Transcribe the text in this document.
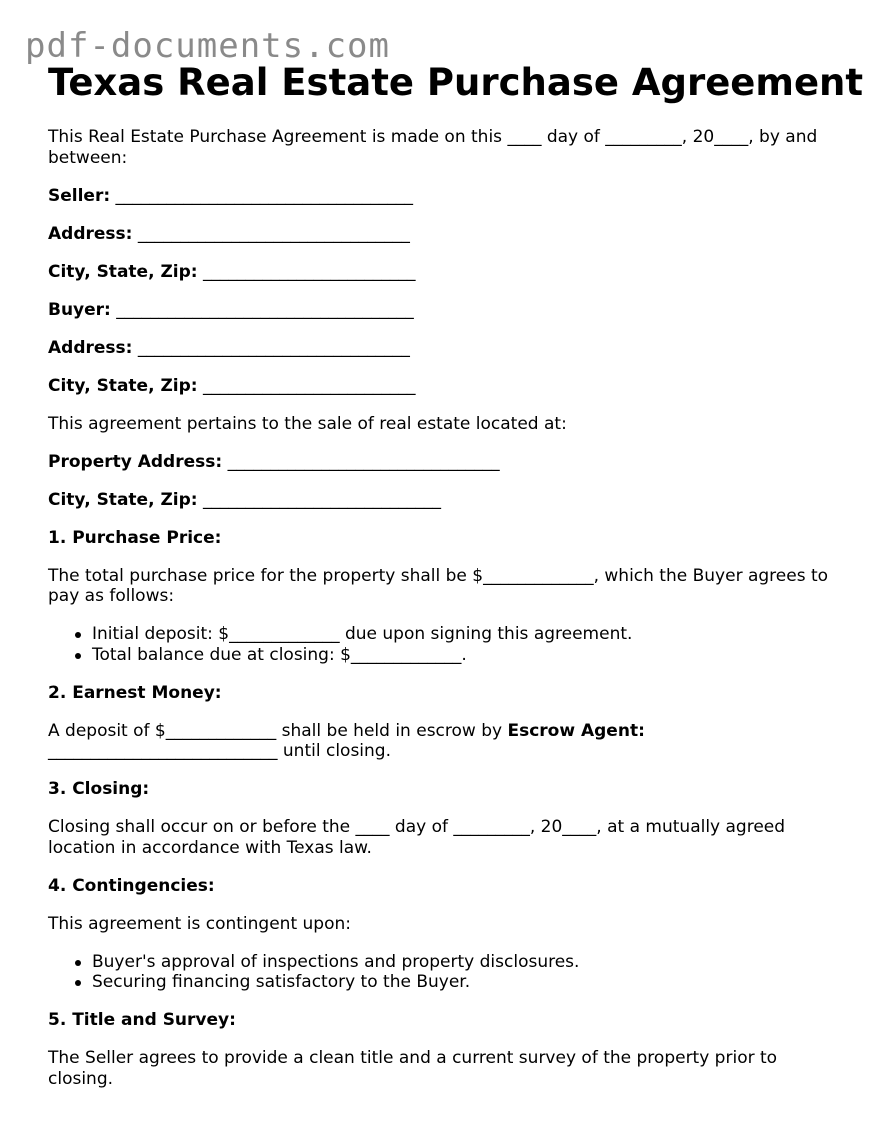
pdf-documents.com
Texas Real Estate Purchase Agreement

This Real Estate Purchase Agreement is made on this ____ day of _________, 20____, by and between:

Seller: ___________________________________

Address: ________________________________

City, State, Zip: _________________________

Buyer: ___________________________________

Address: ________________________________

City, State, Zip: _________________________

This agreement pertains to the sale of real estate located at:

Property Address: ________________________________

City, State, Zip: ____________________________

1. Purchase Price:

The total purchase price for the property shall be $_____________, which the Buyer agrees to pay as follows:

Initial deposit: $_____________ due upon signing this agreement.
Total balance due at closing: $_____________.
2. Earnest Money:

A deposit of $_____________ shall be held in escrow by Escrow Agent: ___________________________ until closing.

3. Closing:

Closing shall occur on or before the ____ day of _________, 20____, at a mutually agreed location in accordance with Texas law.

4. Contingencies:

This agreement is contingent upon:

Buyer's approval of inspections and property disclosures.
Securing financing satisfactory to the Buyer.
5. Title and Survey:

The Seller agrees to provide a clean title and a current survey of the property prior to closing.
